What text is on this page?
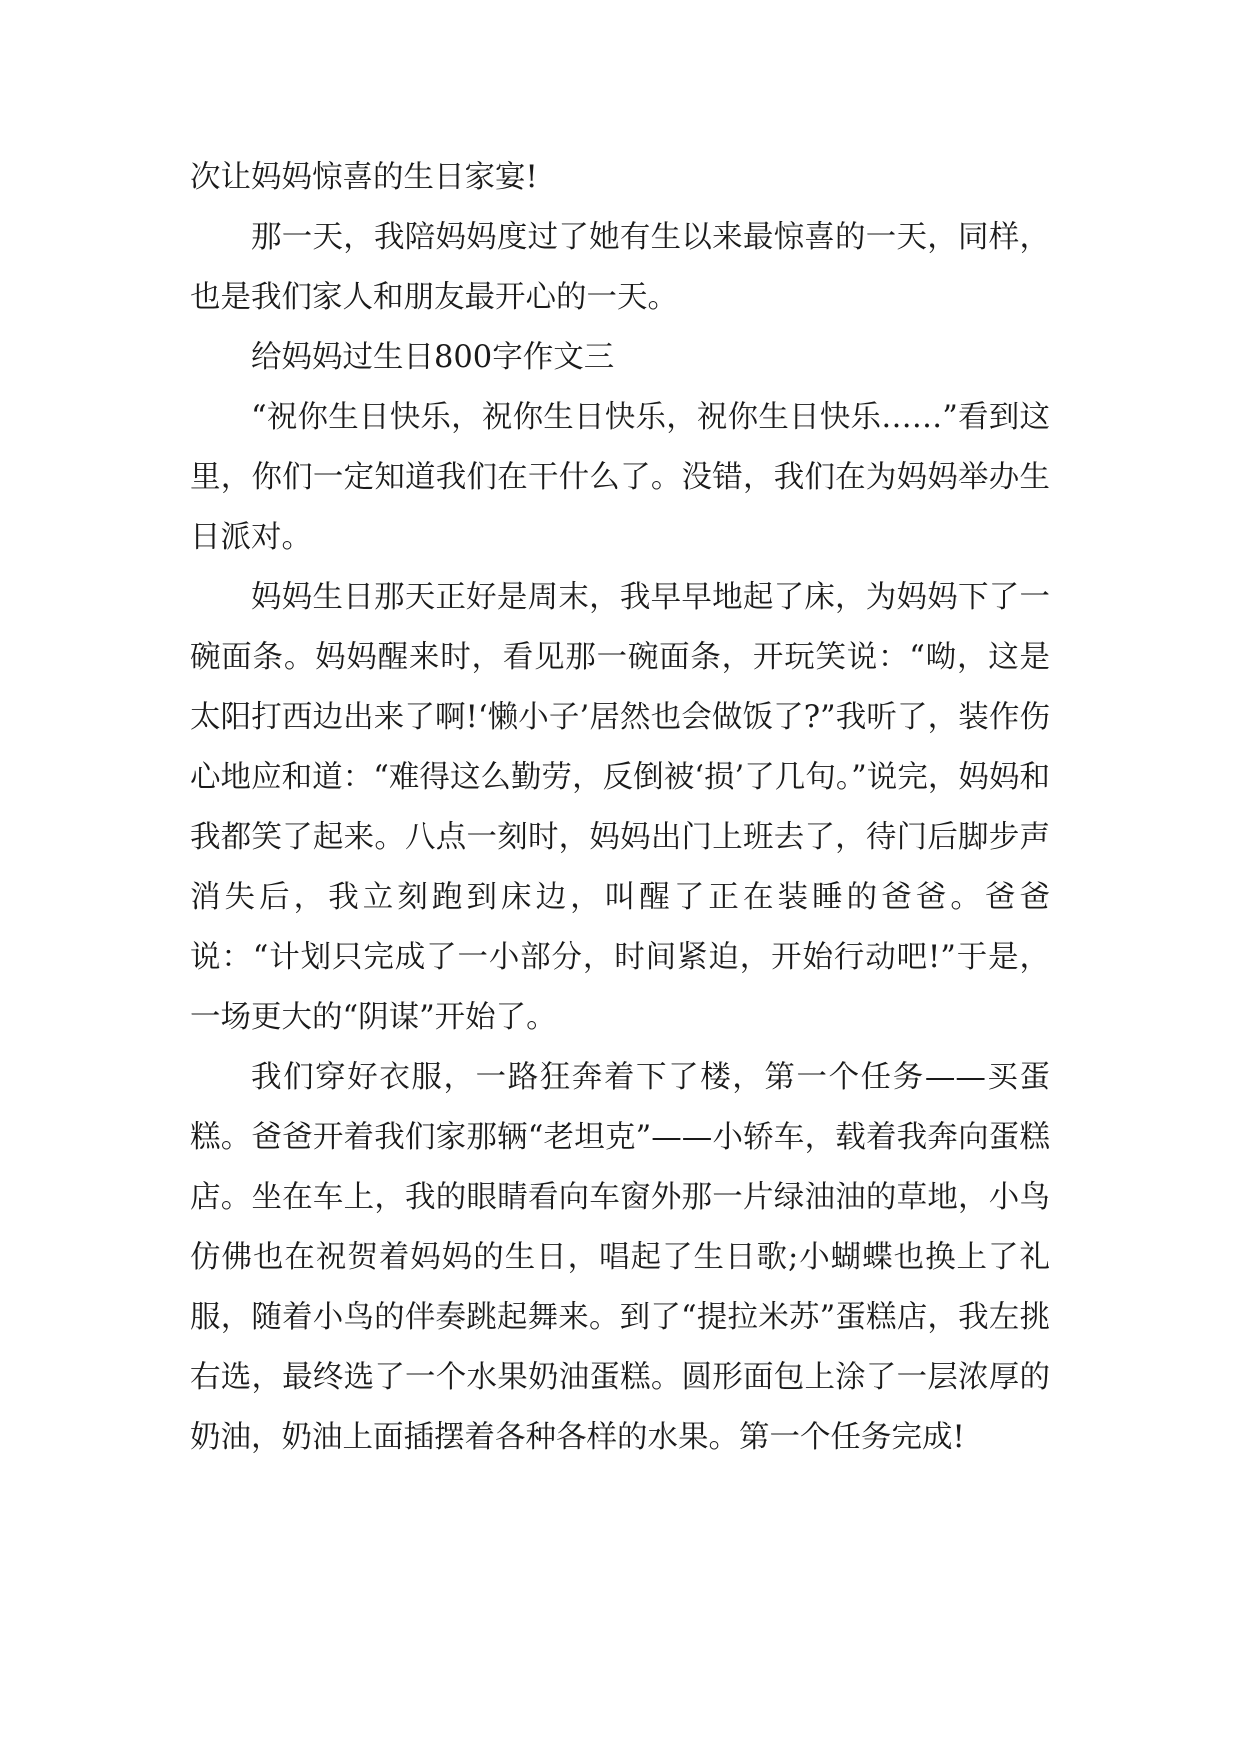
次让妈妈惊喜的生日家宴!

那一天，我陪妈妈度过了她有生以来最惊喜的一天，同样，也是我们家人和朋友最开心的一天。

给妈妈过生日800字作文三

“祝你生日快乐，祝你生日快乐，祝你生日快乐……”看到这里，你们一定知道我们在干什么了。没错，我们在为妈妈举办生日派对。

妈妈生日那天正好是周末，我早早地起了床，为妈妈下了一碗面条。妈妈醒来时，看见那一碗面条，开玩笑说：“呦，这是太阳打西边出来了啊!‘懒小子’居然也会做饭了?”我听了，装作伤心地应和道：“难得这么勤劳，反倒被‘损’了几句。”说完，妈妈和我都笑了起来。八点一刻时，妈妈出门上班去了，待门后脚步声消失后，我立刻跑到床边，叫醒了正在装睡的爸爸。爸爸说：“计划只完成了一小部分，时间紧迫，开始行动吧!”于是，一场更大的“阴谋”开始了。

我们穿好衣服，一路狂奔着下了楼，第一个任务——买蛋糕。爸爸开着我们家那辆“老坦克”——小轿车，载着我奔向蛋糕店。坐在车上，我的眼睛看向车窗外那一片绿油油的草地，小鸟仿佛也在祝贺着妈妈的生日，唱起了生日歌;小蝴蝶也换上了礼服，随着小鸟的伴奏跳起舞来。到了“提拉米苏”蛋糕店，我左挑右选，最终选了一个水果奶油蛋糕。圆形面包上涂了一层浓厚的奶油，奶油上面插摆着各种各样的水果。第一个任务完成!
